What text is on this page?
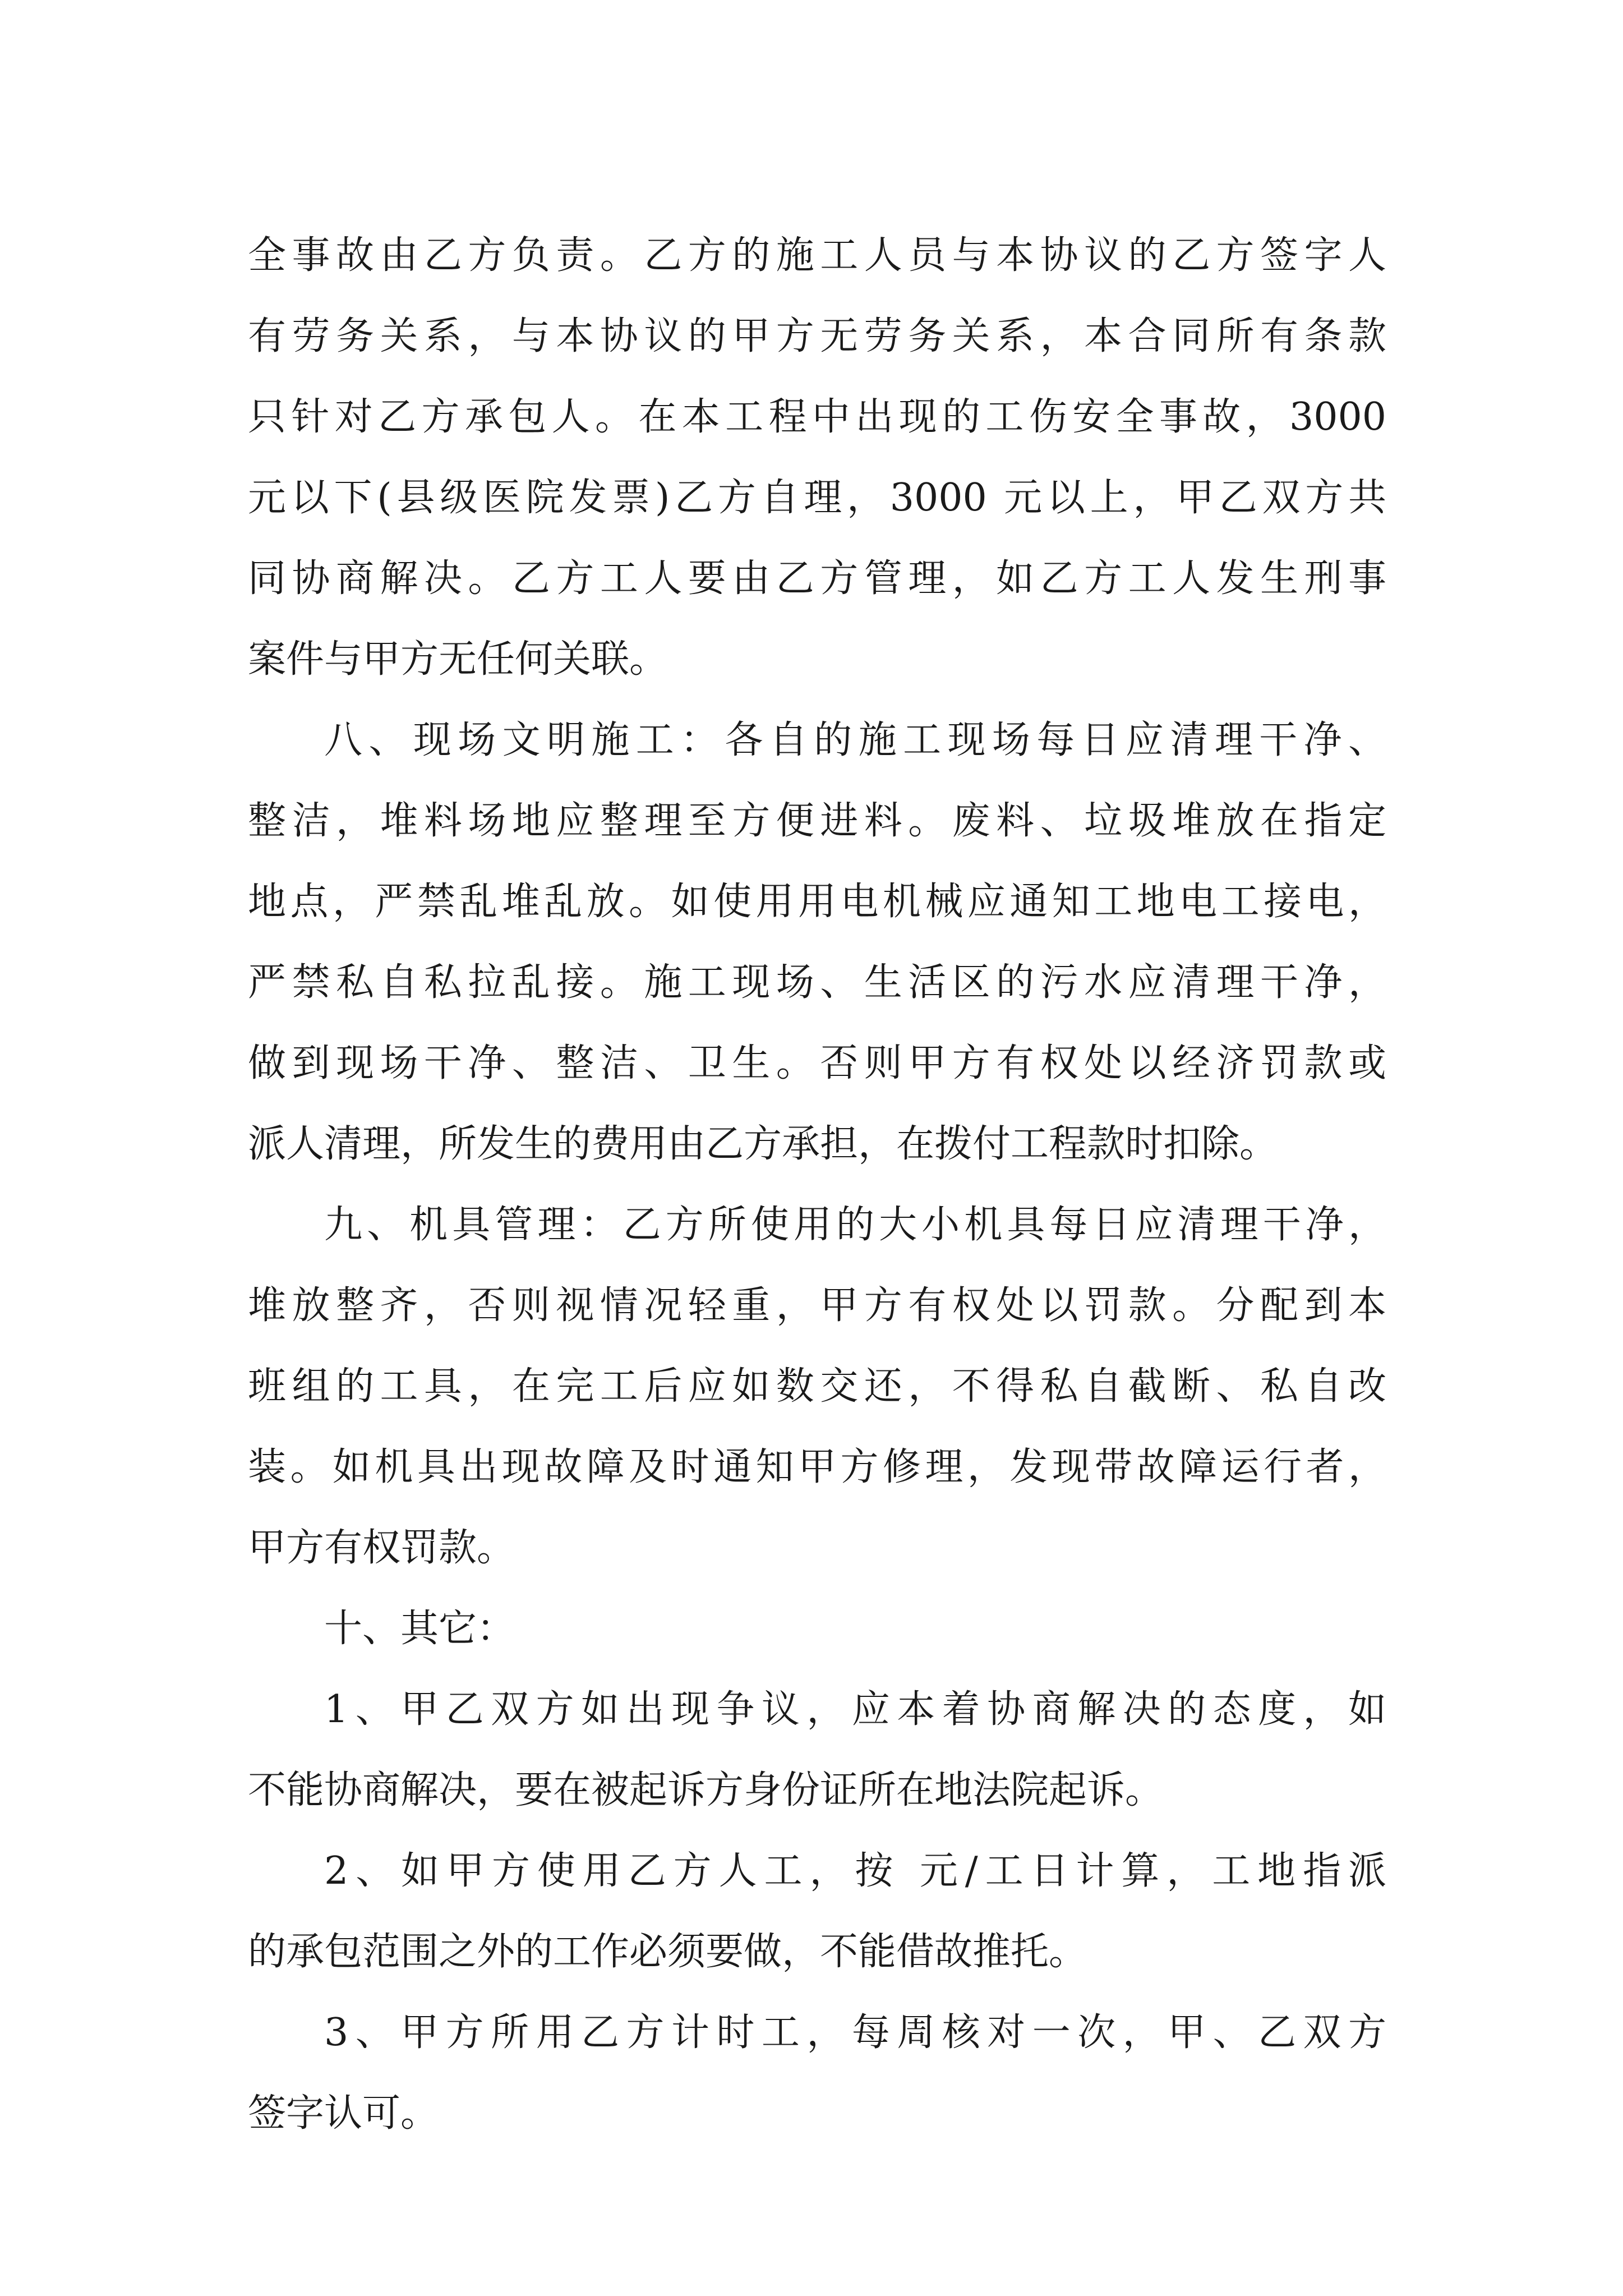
全事故由乙方负责。乙方的施工人员与本协议的乙方签字人
有劳务关系，与本协议的甲方无劳务关系，本合同所有条款
只针对乙方承包人。在本工程中出现的工伤安全事故，3000
元以下(县级医院发票)乙方自理，3000 元以上，甲乙双方共
同协商解决。乙方工人要由乙方管理，如乙方工人发生刑事
案件与甲方无任何关联。
八、现场文明施工：各自的施工现场每日应清理干净、
整洁，堆料场地应整理至方便进料。废料、垃圾堆放在指定
地点，严禁乱堆乱放。如使用用电机械应通知工地电工接电，
严禁私自私拉乱接。施工现场、生活区的污水应清理干净，
做到现场干净、整洁、卫生。否则甲方有权处以经济罚款或
派人清理，所发生的费用由乙方承担，在拨付工程款时扣除。
九、机具管理：乙方所使用的大小机具每日应清理干净，
堆放整齐，否则视情况轻重，甲方有权处以罚款。分配到本
班组的工具，在完工后应如数交还，不得私自截断、私自改
装。如机具出现故障及时通知甲方修理，发现带故障运行者，
甲方有权罚款。
十、其它：
1、甲乙双方如出现争议，应本着协商解决的态度，如
不能协商解决，要在被起诉方身份证所在地法院起诉。
2、如甲方使用乙方人工，按 元/工日计算，工地指派
的承包范围之外的工作必须要做，不能借故推托。
3、甲方所用乙方计时工，每周核对一次，甲、乙双方
签字认可。
